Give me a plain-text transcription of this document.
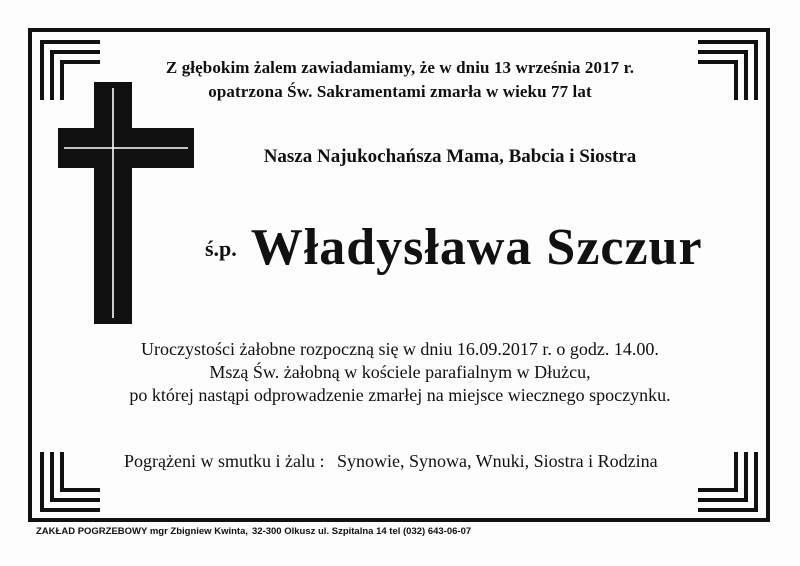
Z głębokim żalem zawiadamiamy, że w dniu 13 września 2017 r.
opatrzona Św. Sakramentami zmarła w wieku 77 lat
Nasza Najukochańsza Mama, Babcia i Siostra
ś.p. Władysława Szczur
Uroczystości żałobne rozpoczną się w dniu 16.09.2017 r. o godz. 14.00.
Mszą Św. żałobną w kościele parafialnym w Dłużcu,
po której nastąpi odprowadzenie zmarłej na miejsce wiecznego spoczynku.
Pogrążeni w smutku i żalu : Synowie, Synowa, Wnuki, Siostra i Rodzina
ZAKŁAD POGRZEBOWY mgr Zbigniew Kwinta, 32-300 Olkusz ul. Szpitalna 14 tel (032) 643-06-07
